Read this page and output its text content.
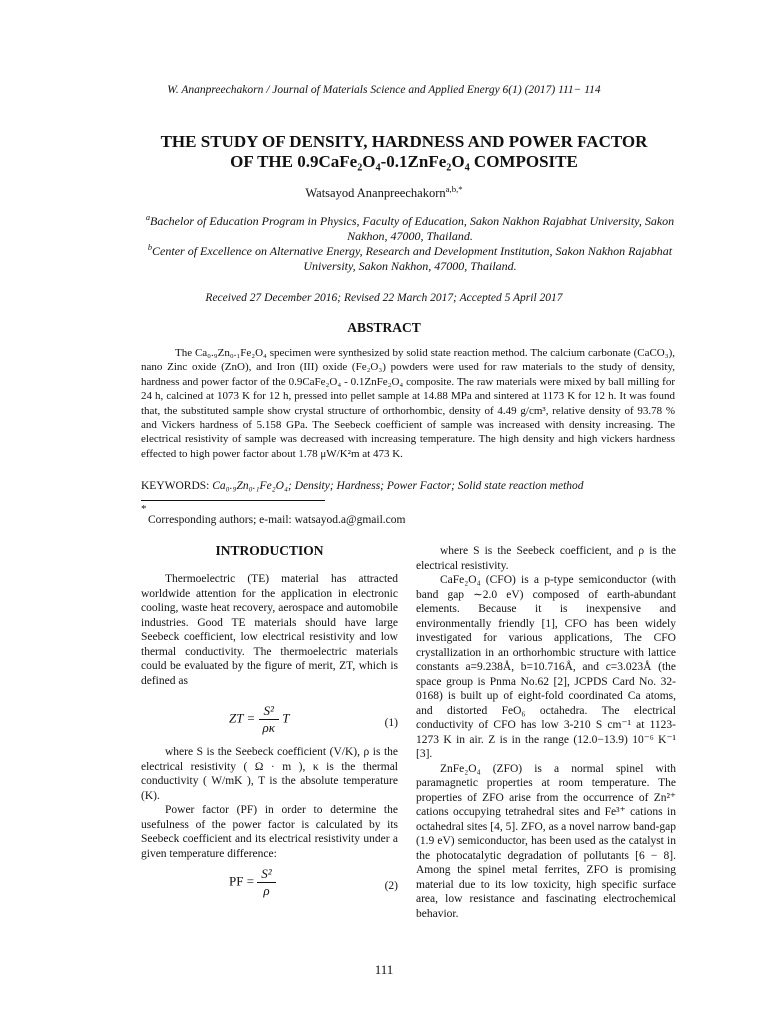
W. Ananpreechakorn / Journal of Materials Science and Applied Energy 6(1) (2017) 111− 114
THE STUDY OF DENSITY, HARDNESS AND POWER FACTOR
OF THE 0.9CaFe₂O₄-0.1ZnFe₂O₄ COMPOSITE
Watsayod Ananpreechakorn$^{a,b,*}$

$^a$Bachelor of Education Program in Physics, Faculty of Education, Sakon Nakhon Rajabhat University, Sakon Nakhon, 47000, Thailand.

$^b$Center of Excellence on Alternative Energy, Research and Development Institution, Sakon Nakhon Rajabhat University, Sakon Nakhon, 47000, Thailand.

Received 27 December 2016; Revised 22 March 2017; Accepted 5 April 2017
ABSTRACT

The Ca₀.₉Zn₀.₁Fe₂O₄ specimen were synthesized by solid state reaction method. The calcium carbonate (CaCO₃), nano Zinc oxide (ZnO), and Iron (III) oxide (Fe₂O₃) powders were used for raw materials to the study of density, hardness and power factor of the 0.9CaFe₂O₄ - 0.1ZnFe₂O₄ composite. The raw materials were mixed by ball milling for 24 h, calcined at 1073 K for 12 h, pressed into pellet sample at 14.88 MPa and sintered at 1173 K for 12 h. It was found that, the substituted sample show crystal structure of orthorhombic, density of 4.49 g/cm³, relative density of 93.78 % and Vickers hardness of 5.158 GPa. The Seebeck coefficient of sample was increased with density increasing. The electrical resistivity of sample was decreased with increasing temperature. The high density and high vickers hardness effected to high power factor about 1.78 μW/K²m at 473 K.

KEYWORDS: Ca₀.₉Zn₀.₁Fe₂O₄; Density; Hardness; Power Factor; Solid state reaction method
*
Corresponding authors; e-mail: watsayod.a@gmail.com
INTRODUCTION

Thermoelectric (TE) material has attracted worldwide attention for the application in electronic cooling, waste heat recovery, aerospace and automobile industries. Good TE materials should have large Seebeck coefficient, low electrical resistivity and low thermal conductivity. The thermoelectric materials could be evaluated by the figure of merit, ZT, which is defined as

ZT = $\frac{\text{S²}}{\rho\kappa}$ T	(1)

where S is the Seebeck coefficient (V/K), ρ is the electrical resistivity ( Ω · m ), κ is the thermal conductivity ( W/mK ), T is the absolute temperature (K).

Power factor (PF) in order to determine the usefulness of the power factor is calculated by its Seebeck coefficient and its electrical resistivity under a given temperature difference:

PF = $\frac{\text{S²}}{\rho}$	(2)

where S is the Seebeck coefficient, and ρ is the electrical resistivity.

CaFe₂O₄ (CFO) is a p-type semiconductor (with band gap ∼2.0 eV) composed of earth-abundant elements. Because it is inexpensive and environmentally friendly [1], CFO has been widely investigated for various applications, The CFO crystallization in an orthorhombic structure with lattice constants a=9.238Å, b=10.716Å, and c=3.023Å (the space group is Pnma No.62 [2], JCPDS Card No. 32-0168) is built up of eight-fold coordinated Ca atoms, and distorted FeO₆ octahedra. The electrical conductivity of CFO has low 3-210 S cm⁻¹ at 1123-1273 K in air. Z is in the range (12.0−13.9) 10⁻⁶ K⁻¹ [3].

ZnFe₂O₄ (ZFO) is a normal spinel with paramagnetic properties at room temperature. The properties of ZFO arise from the occurrence of Zn²⁺ cations occupying tetrahedral sites and Fe³⁺ cations in octahedral sites [4, 5]. ZFO, as a novel narrow band-gap (1.9 eV) semiconductor, has been used as the catalyst in the photocatalytic degradation of pollutants [6 − 8]. Among the spinel metal ferrites, ZFO is promising material due to its low toxicity, high specific surface area, low resistance and fascinating electrochemical behavior.

111
